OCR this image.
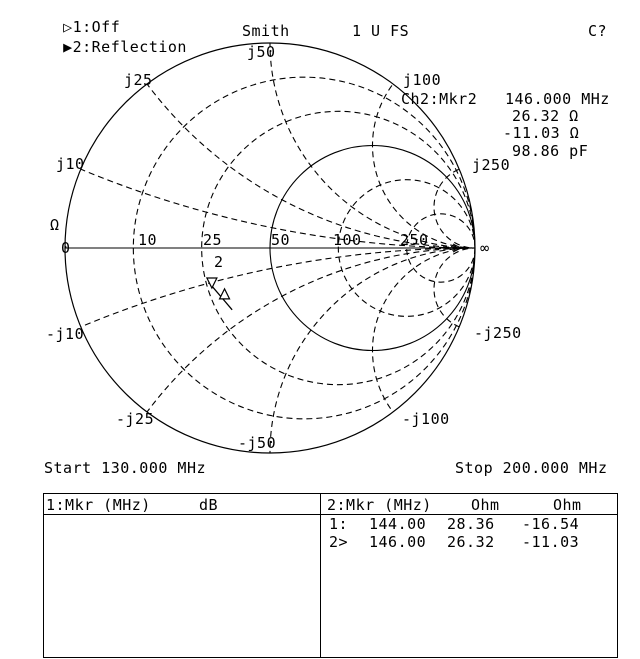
▷1:Off

▶2:Reflection

Smith	1 U FS	C?
Ω
0	10	25	50	100	250	∞
j10
j25
j50
j100
j250
-j10
-j25
-j50
-j100
-j250
2
Ch2:Mkr2 146.000 MHz
26.32 Ω
-11.03 Ω
98.86 pF
Start 130.000 MHz	Stop 200.000 MHz
1:Mkr (MHz)	dB	2:Mkr (MHz)	Ohm	Ohm
1: 144.00 28.36 -16.54
2> 146.00 26.32 -11.03
